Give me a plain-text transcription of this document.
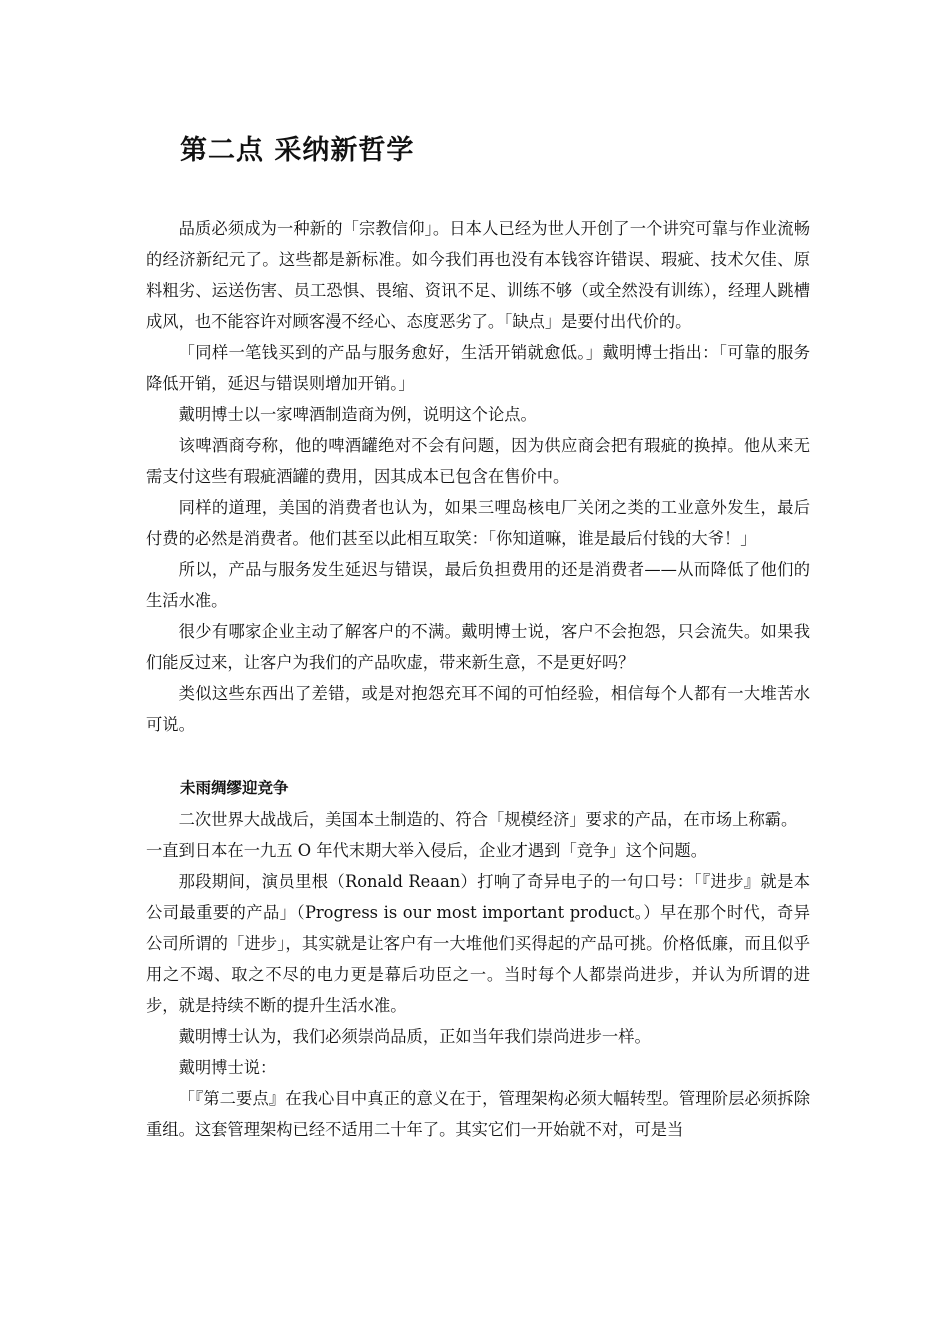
第二点 采纳新哲学

品质必须成为一种新的「宗教信仰」。日本人已经为世人开创了一个讲究可靠与作业流畅的经济新纪元了。这些都是新标准。如今我们再也没有本钱容许错误、瑕疵、技术欠佳、原料粗劣、运送伤害、员工恐惧、畏缩、资讯不足、训练不够（或全然没有训练），经理人跳槽成风，也不能容许对顾客漫不经心、态度恶劣了。「缺点」是要付出代价的。

「同样一笔钱买到的产品与服务愈好，生活开销就愈低。」戴明博士指出：「可靠的服务降低开销，延迟与错误则增加开销。」

戴明博士以一家啤酒制造商为例，说明这个论点。

该啤酒商夸称，他的啤酒罐绝对不会有问题，因为供应商会把有瑕疵的换掉。他从来无需支付这些有瑕疵酒罐的费用，因其成本已包含在售价中。

同样的道理，美国的消费者也认为，如果三哩岛核电厂关闭之类的工业意外发生，最后付费的必然是消费者。他们甚至以此相互取笑：「你知道嘛，谁是最后付钱的大爷！」

所以，产品与服务发生延迟与错误，最后负担费用的还是消费者——从而降低了他们的生活水准。

很少有哪家企业主动了解客户的不满。戴明博士说，客户不会抱怨，只会流失。如果我们能反过来，让客户为我们的产品吹虚，带来新生意，不是更好吗？

类似这些东西出了差错，或是对抱怨充耳不闻的可怕经验，相信每个人都有一大堆苦水可说。

未雨绸缪迎竞争

二次世界大战战后，美国本土制造的、符合「规模经济」要求的产品，在市场上称霸。

一直到日本在一九五 O 年代末期大举入侵后，企业才遇到「竞争」这个问题。

那段期间，演员里根（Ronald Reaan）打响了奇异电子的一句口号：「『进步』就是本公司最重要的产品」（Progress is our most important product。）早在那个时代，奇异公司所谓的「进步」，其实就是让客户有一大堆他们买得起的产品可挑。价格低廉，而且似乎用之不竭、取之不尽的电力更是幕后功臣之一。当时每个人都崇尚进步，并认为所谓的进步，就是持续不断的提升生活水准。

戴明博士认为，我们必须崇尚品质，正如当年我们崇尚进步一样。

戴明博士说：

「『第二要点』在我心目中真正的意义在于，管理架构必须大幅转型。管理阶层必须拆除重组。这套管理架构已经不适用二十年了。其实它们一开始就不对，可是当
